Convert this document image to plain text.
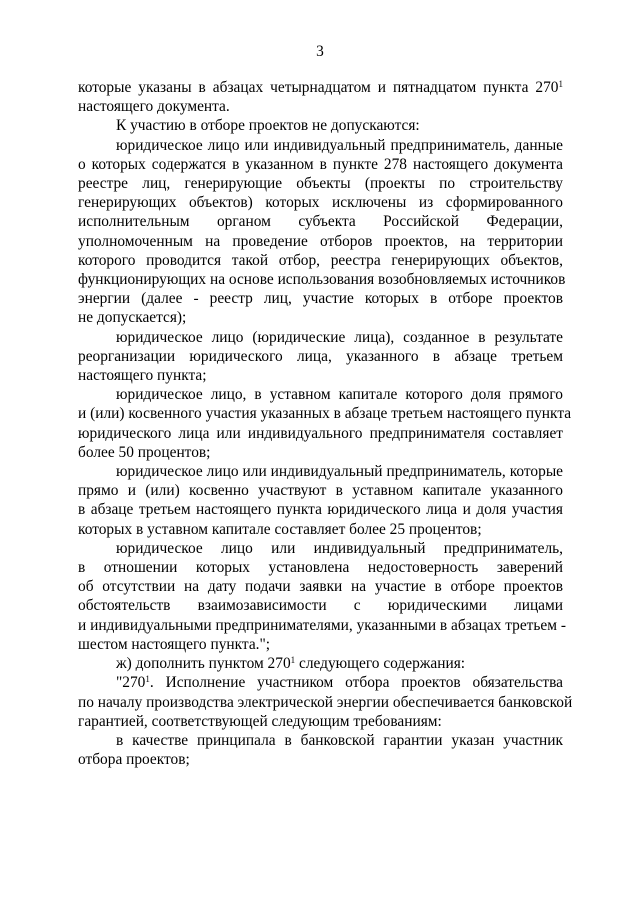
3

которые указаны в абзацах четырнадцатом и пятнадцатом пункта $270^1$
настоящего документа.

К участию в отборе проектов не допускаются:

юридическое лицо или индивидуальный предприниматель, данные
о которых содержатся в указанном в пункте 278 настоящего документа
реестре лиц, генерирующие объекты (проекты по строительству
генерирующих объектов) которых исключены из сформированного
исполнительным органом субъекта Российской Федерации,
уполномоченным на проведение отборов проектов, на территории
которого проводится такой отбор, реестра генерирующих объектов,
функционирующих на основе использования возобновляемых источников
энергии (далее - реестр лиц, участие которых в отборе проектов
не допускается);

юридическое лицо (юридические лица), созданное в результате
реорганизации юридического лица, указанного в абзаце третьем
настоящего пункта;

юридическое лицо, в уставном капитале которого доля прямого
и (или) косвенного участия указанных в абзаце третьем настоящего пункта
юридического лица или индивидуального предпринимателя составляет
более 50 процентов;

юридическое лицо или индивидуальный предприниматель, которые
прямо и (или) косвенно участвуют в уставном капитале указанного
в абзаце третьем настоящего пункта юридического лица и доля участия
которых в уставном капитале составляет более 25 процентов;

юридическое лицо или индивидуальный предприниматель,
в отношении которых установлена недостоверность заверений
об отсутствии на дату подачи заявки на участие в отборе проектов
обстоятельств взаимозависимости с юридическими лицами
и индивидуальными предпринимателями, указанными в абзацах третьем -
шестом настоящего пункта.";

ж) дополнить пунктом $270^1$ следующего содержания:

"$270^1$. Исполнение участником отбора проектов обязательства
по началу производства электрической энергии обеспечивается банковской
гарантией, соответствующей следующим требованиям:

в качестве принципала в банковской гарантии указан участник
отбора проектов;
